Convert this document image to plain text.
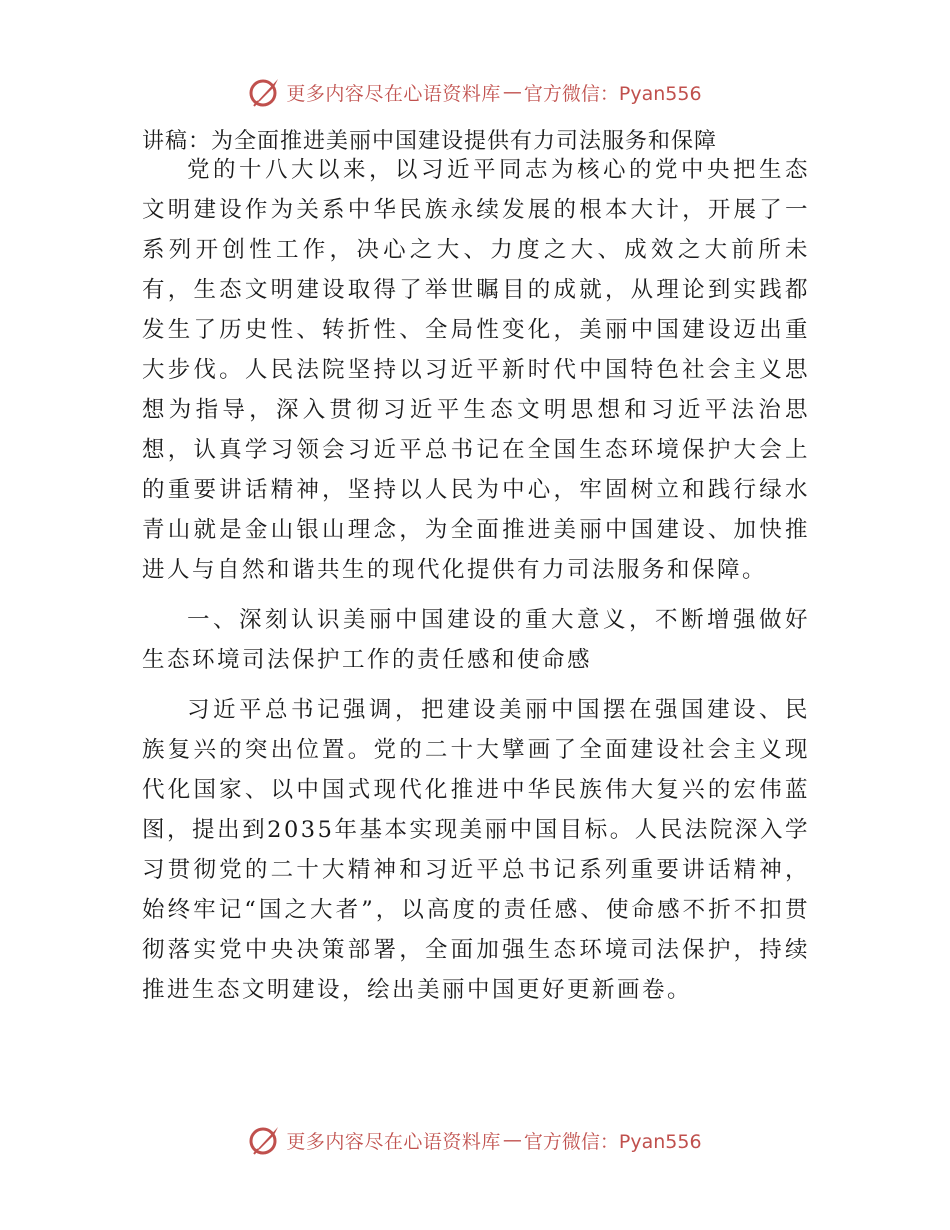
更多内容尽在心语资料库 — 官方微信：Pyan556
讲稿：为全面推进美丽中国建设提供有力司法服务和保障

党的十八大以来，以习近平同志为核心的党中央把生态文明建设作为关系中华民族永续发展的根本大计，开展了一系列开创性工作，决心之大、力度之大、成效之大前所未有，生态文明建设取得了举世瞩目的成就，从理论到实践都发生了历史性、转折性、全局性变化，美丽中国建设迈出重大步伐。人民法院坚持以习近平新时代中国特色社会主义思想为指导，深入贯彻习近平生态文明思想和习近平法治思想，认真学习领会习近平总书记在全国生态环境保护大会上的重要讲话精神，坚持以人民为中心，牢固树立和践行绿水青山就是金山银山理念，为全面推进美丽中国建设、加快推进人与自然和谐共生的现代化提供有力司法服务和保障。

一、深刻认识美丽中国建设的重大意义，不断增强做好生态环境司法保护工作的责任感和使命感

习近平总书记强调，把建设美丽中国摆在强国建设、民族复兴的突出位置。党的二十大擘画了全面建设社会主义现代化国家、以中国式现代化推进中华民族伟大复兴的宏伟蓝图，提出到2035年基本实现美丽中国目标。人民法院深入学习贯彻党的二十大精神和习近平总书记系列重要讲话精神，始终牢记“国之大者”，以高度的责任感、使命感不折不扣贯彻落实党中央决策部署，全面加强生态环境司法保护，持续推进生态文明建设，绘出美丽中国更好更新画卷。

更多内容尽在心语资料库 — 官方微信：Pyan556
